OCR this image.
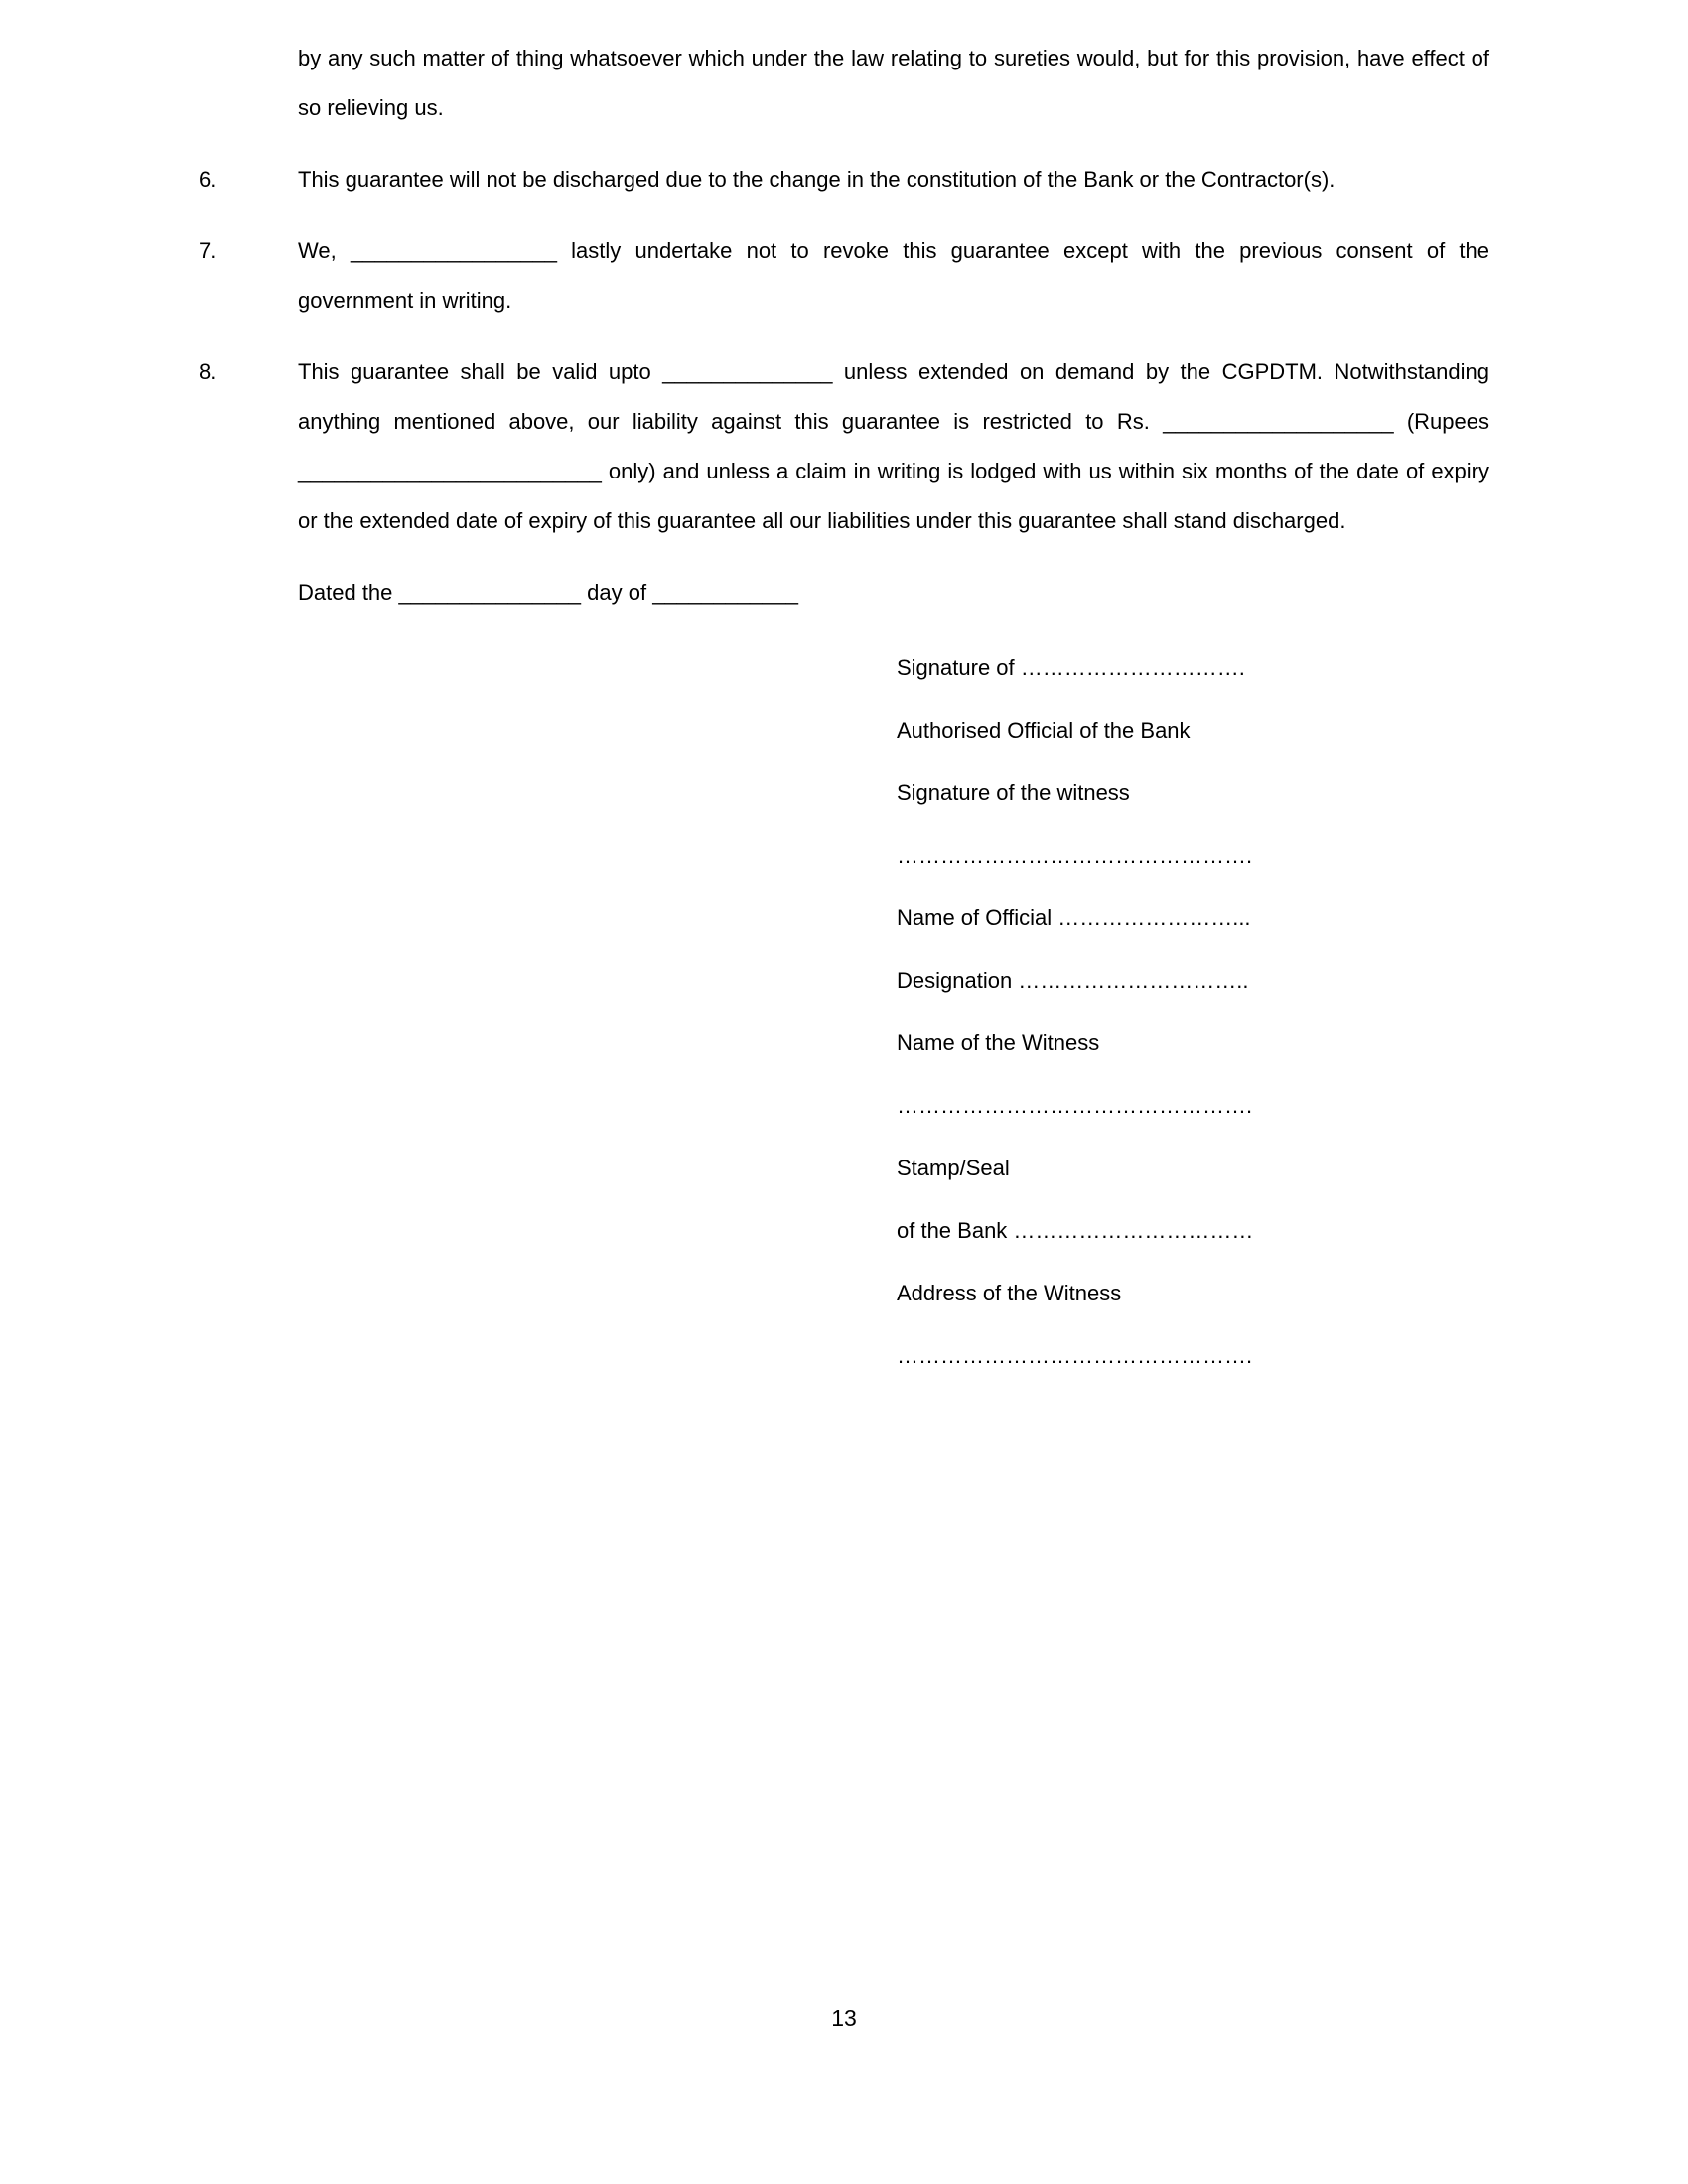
by any such matter of thing whatsoever which under the law relating to sureties would, but for this provision, have effect of so relieving us.

6.	This guarantee will not be discharged due to the change in the constitution of the Bank or the Contractor(s).

7.	We, _________________ lastly undertake not to revoke this guarantee except with the previous consent of the government in writing.

8.	This guarantee shall be valid upto ______________ unless extended on demand by the CGPDTM. Notwithstanding anything mentioned above, our liability against this guarantee is restricted to Rs. ___________________ (Rupees _________________________ only) and unless a claim in writing is lodged with us within six months of the date of expiry or the extended date of expiry of this guarantee all our liabilities under this guarantee shall stand discharged.

Dated the _______________ day of ____________

Signature of ………………………….
Authorised Official of the Bank
Signature of the witness
………………………………………….
Name of Official ……………………...
Designation …………………………..
Name of the Witness
………………………………………….
Stamp/Seal
of the Bank ……………………………
Address of the Witness
………………………………………….
13
